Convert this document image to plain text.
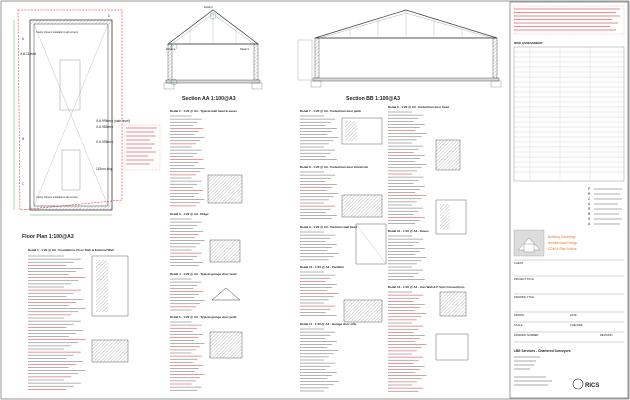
A
B
C
D
Cavity closers installed to all corners
Cavity closers installed to all corners
X-8.11level
X-6.996mm (slab level)
X-6.965mm
X-6.996mm
115cm slop
Floor Plan 1:100@A3
Detail 1
Detail 2
Detail 3
Section AA 1:100@A3	Section BB 1:100@A3
Detail 1 - 1:20 @ A3 - Foundation, Floor Slab & External Wall
Detail 2 - 1:20 @ A3 - Typical wall head & eaves
Detail 3 - 1:20 @ A3 - Ridge
Detail 4 - 1:20 @ A3 - Typical garage door head
Detail 5 - 1:20 @ A3 - Typical garage door jamb
Detail 6 - 1:20 @ A3 - Pedestrian door head
Detail 7 - 1:20 @ A3 - Pedestrian door jamb
Detail 8 - 1:20 @ A3 - Pedestrian door threshold
Detail 9 - 1:20 @ A3 - Partition wall head
Detail 10 - 1:20 @ A3 - Partition
Detail 11 - 1:20 @ A3 - Garage door cills
Detail 12 - 1:20 @ A3 - Eaves
Detail 13 - 1:20 @ A3 - Gas Wall & P Vent Connections
RISK ASSESSMENT
P
R
Z
A
R
B
S
A
Building Surveying
Architectural Design
CDM & Risk Advice
CLIENT
PROJECT TITLE
DRAWING TITLE
DRAWN	DATE
SCALE	CHECKED
DRAWING NUMBER	REVISION
LBE Services - Chartered Surveyors
RICS
